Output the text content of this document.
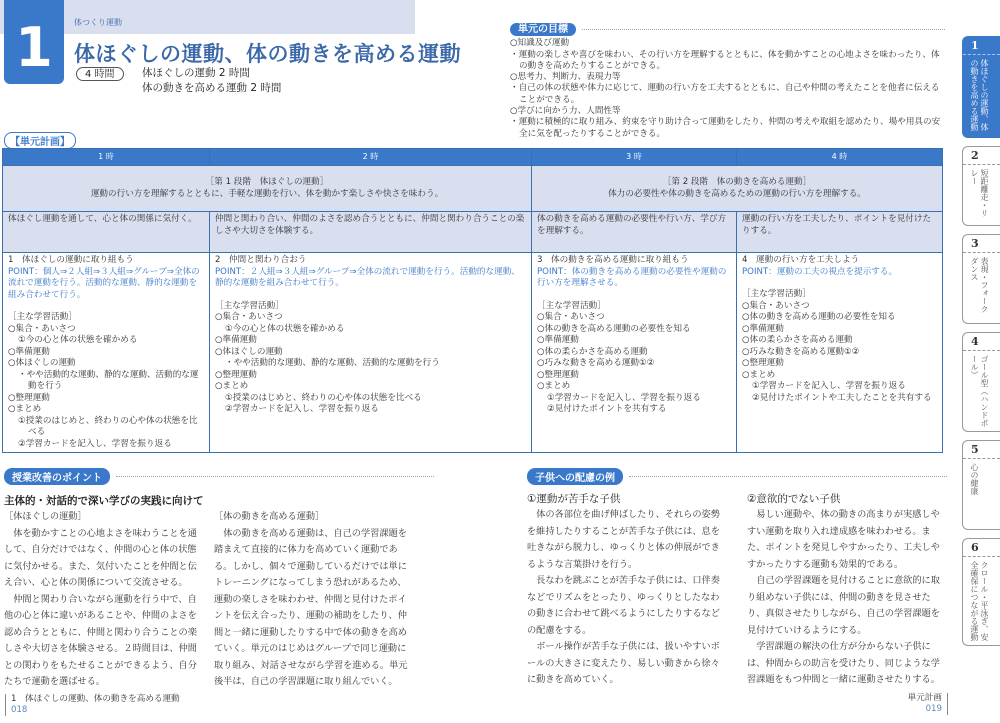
1	体つくり運動
体ほぐしの運動、体の動きを高める運動
4 時間	体ほぐしの運動 2 時間
体の動きを高める運動 2 時間
単元の目標
○知識及び運動
・運動の楽しさや喜びを味わい、その行い方を理解するとともに、体を動かすことの心地よさを味わったり、体の動きを高めたりすることができる。
○思考力、判断力、表現力等
・自己の体の状態や体力に応じて、運動の行い方を工夫するとともに、自己や仲間の考えたことを他者に伝えることができる。
○学びに向かう力、人間性等
・運動に積極的に取り組み、約束を守り助け合って運動をしたり、仲間の考えや取組を認めたり、場や用具の安全に気を配ったりすることができる。
【単元計画】
1 時	2 時	3 時	4 時

［第 1 段階　体ほぐしの運動］
運動の行い方を理解するとともに、手軽な運動を行い、体を動かす楽しさや快さを味わう。

［第 2 段階　体の動きを高める運動］
体力の必要性や体の動きを高めるための運動の行い方を理解する。

体ほぐし運動を通して、心と体の関係に気付く。	仲間と関わり合い、仲間のよさを認め合うとともに、仲間と関わり合うことの楽しさや大切さを体験する。	体の動きを高める運動の必要性や行い方、学び方を理解する。	運動の行い方を工夫したり、ポイントを見付けたりする。

1　体ほぐしの運動に取り組もう
POINT：個人⇒２人組⇒３人組⇒グループ⇒全体の流れで運動を行う。活動的な運動、静的な運動を組み合わせて行う。
［主な学習活動］
○集合・あいさつ
①今の心と体の状態を確かめる
○準備運動
○体ほぐしの運動
・やや活動的な運動、静的な運動、活動的な運動を行う
○整理運動
○まとめ
①授業のはじめと、終わりの心や体の状態を比べる
②学習カードを記入し、学習を振り返る

2　仲間と関わり合おう
POINT：２人組⇒３人組⇒グループ⇒全体の流れで運動を行う。活動的な運動、静的な運動を組み合わせて行う。
［主な学習活動］
○集合・あいさつ
①今の心と体の状態を確かめる
○準備運動
○体ほぐしの運動
・やや活動的な運動、静的な運動、活動的な運動を行う
○整理運動
○まとめ
①授業のはじめと、終わりの心や体の状態を比べる
②学習カードを記入し、学習を振り返る

3　体の動きを高める運動に取り組もう
POINT：体の動きを高める運動の必要性や運動の行い方を理解させる。
［主な学習活動］
○集合・あいさつ
○体の動きを高める運動の必要性を知る
○準備運動
○体の柔らかさを高める運動
○巧みな動きを高める運動①②
○整理運動
○まとめ
①学習カードを記入し、学習を振り返る
②見付けたポイントを共有する

4　運動の行い方を工夫しよう
POINT：運動の工夫の視点を提示する。
［主な学習活動］
○集合・あいさつ
○体の動きを高める運動の必要性を知る
○準備運動
○体の柔らかさを高める運動
○巧みな動きを高める運動①②
○整理運動
○まとめ
①学習カードを記入し、学習を振り返る
②見付けたポイントや工夫したことを共有する
授業改善のポイント
主体的・対話的で深い学びの実践に向けて
［体ほぐしの運動］

体を動かすことの心地よさを味わうことを通して、自分だけではなく、仲間の心と体の状態に気付かせる。また、気付いたことを仲間と伝え合い、心と体の関係について交流させる。

仲間と関わり合いながら運動を行う中で、自他の心と体に違いがあることや、仲間のよさを認め合うとともに、仲間と関わり合うことの楽しさや大切さを体験させる。２時間目は、仲間との関わりをもたせることができるよう、自分たちで運動を選ばせる。

［体の動きを高める運動］

体の動きを高める運動は、自己の学習課題を踏まえて直接的に体力を高めていく運動である。しかし、個々で運動しているだけでは単にトレーニングになってしまう恐れがあるため、運動の楽しさを味わわせ、仲間と見付けたポイントを伝え合ったり、運動の補助をしたり、仲間と一緒に運動したりする中で体の動きを高めていく。単元のはじめはグループで同じ運動に取り組み、対話させながら学習を進める。単元後半は、自己の学習課題に取り組んでいく。

子供への配慮の例
①運動が苦手な子供

体の各部位を曲げ伸ばしたり、それらの姿勢を維持したりすることが苦手な子供には、息を吐きながら脱力し、ゆっくりと体の伸展ができるような言葉掛けを行う。

長なわを跳ぶことが苦手な子供には、口伴奏などでリズムをとったり、ゆっくりとしたなわの動きに合わせて跳べるようにしたりするなどの配慮をする。

ボール操作が苦手な子供には、扱いやすいボールの大きさに変えたり、易しい動きから徐々に動きを高めていく。

②意欲的でない子供

易しい運動や、体の動きの高まりが実感しやすい運動を取り入れ達成感を味わわせる。また、ポイントを発見しやすかったり、工夫しやすかったりする運動も効果的である。

自己の学習課題を見付けることに意欲的に取り組めない子供には、仲間の動きを見させたり、真似させたりしながら、自己の学習課題を見付けていけるようにする。

学習課題の解決の仕方が分からない子供には、仲間からの助言を受けたり、同じような学習課題をもつ仲間と一緒に運動させたりする。

1　体ほぐしの運動、体の動きを高める運動
018
単元計画
019
1
体ほぐしの運動、体の動きを高める運動
2
短距離走・リレー
3
表現・フォークダンス
4
ゴール型（ハンドボール）
5
心の健康
6
クロール・平泳ぎ、安全確保につながる運動
